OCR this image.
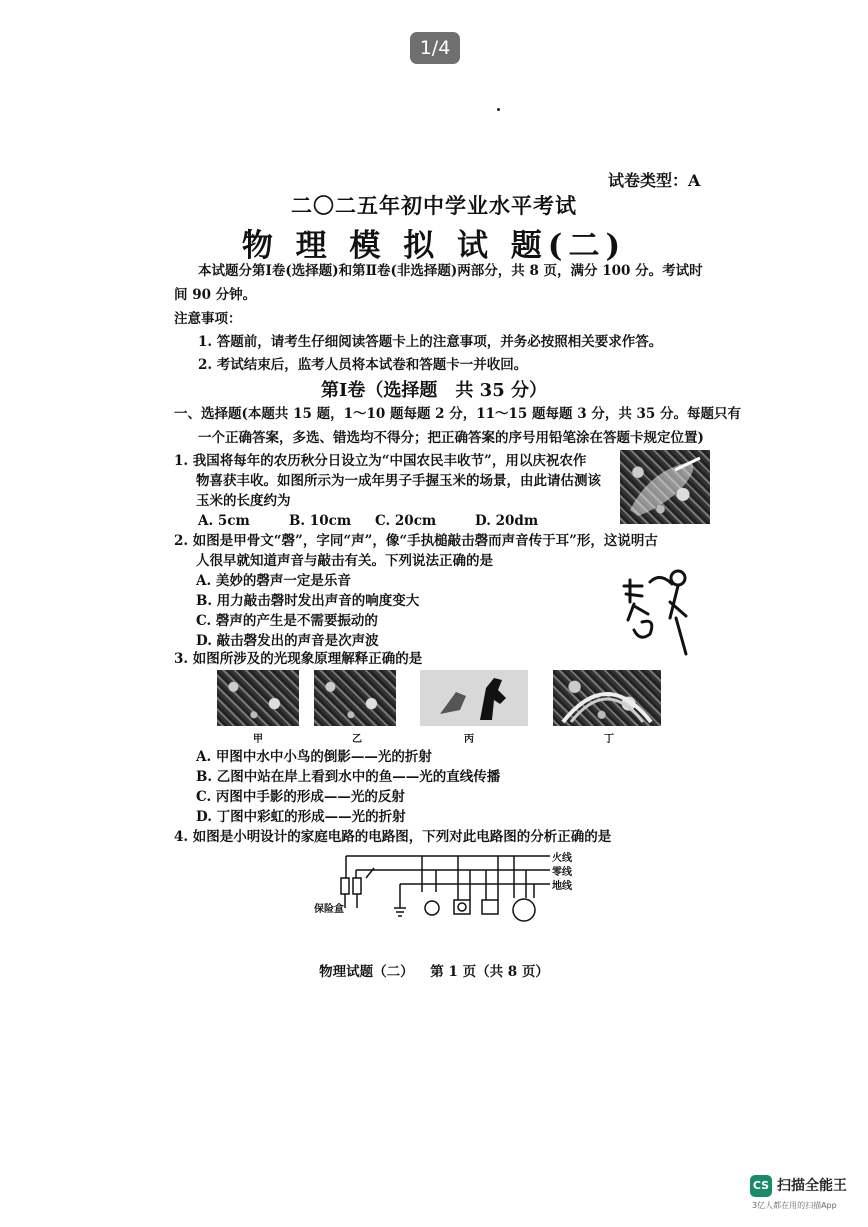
1/4
试卷类型：A
二〇二五年初中学业水平考试
物 理 模 拟 试 题(二)
本试题分第Ⅰ卷(选择题)和第Ⅱ卷(非选择题)两部分，共 8 页，满分 100 分。考试时
间 90 分钟。
注意事项：
1. 答题前，请考生仔细阅读答题卡上的注意事项，并务必按照相关要求作答。
2. 考试结束后，监考人员将本试卷和答题卡一并收回。
第Ⅰ卷（选择题　共 35 分）
一、选择题(本题共 15 题，1～10 题每题 2 分，11～15 题每题 3 分，共 35 分。每题只有
一个正确答案，多选、错选均不得分；把正确答案的序号用铅笔涂在答题卡规定位置)
1. 我国将每年的农历秋分日设立为“中国农民丰收节”，用以庆祝农作
物喜获丰收。如图所示为一成年男子手握玉米的场景，由此请估测该
玉米的长度约为
A. 5cm	B. 10cm C. 20cm	D. 20dm
2. 如图是甲骨文“磬”，字同“声”，像“手执槌敲击磬而声音传于耳”形，这说明古
人很早就知道声音与敲击有关。下列说法正确的是
A. 美妙的磬声一定是乐音
B. 用力敲击磬时发出声音的响度变大
C. 磬声的产生是不需要振动的
D. 敲击磬发出的声音是次声波
3. 如图所涉及的光现象原理解释正确的是
甲	乙	丙	丁
A. 甲图中水中小鸟的倒影——光的折射
B. 乙图中站在岸上看到水中的鱼——光的直线传播
C. 丙图中手影的形成——光的反射
D. 丁图中彩虹的形成——光的折射
4. 如图是小明设计的家庭电路的电路图，下列对此电路图的分析正确的是
火线
零线
地线
保险盒
物理试题（二） 第 1 页（共 8 页）
CS 扫描全能王
3亿人都在用的扫描App
